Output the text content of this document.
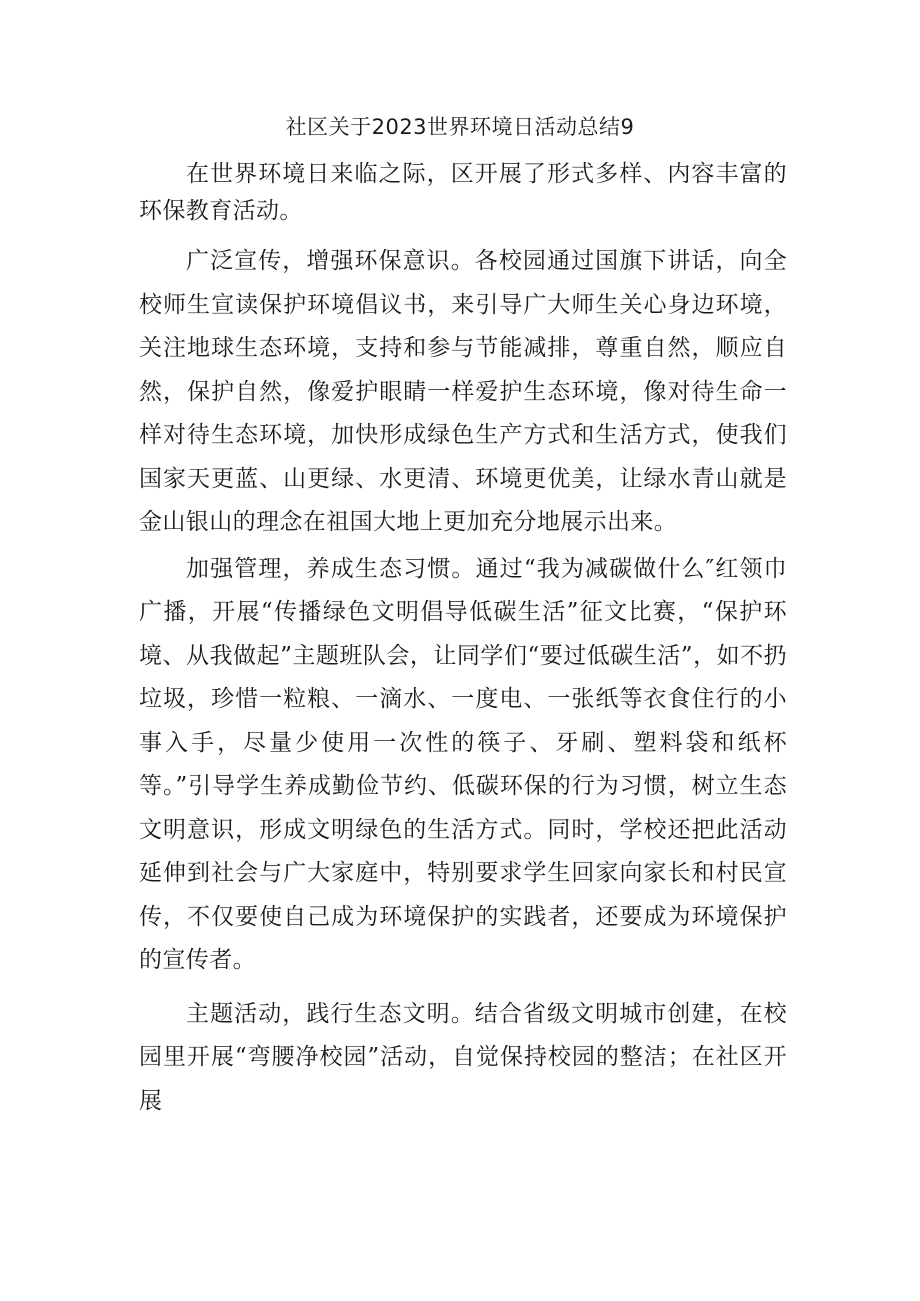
社区关于2023世界环境日活动总结9

在世界环境日来临之际，区开展了形式多样、内容丰富的环保教育活动。

广泛宣传，增强环保意识。各校园通过国旗下讲话，向全校师生宣读保护环境倡议书，来引导广大师生关心身边环境，关注地球生态环境，支持和参与节能减排，尊重自然，顺应自然，保护自然，像爱护眼睛一样爱护生态环境，像对待生命一样对待生态环境，加快形成绿色生产方式和生活方式，使我们国家天更蓝、山更绿、水更清、环境更优美，让绿水青山就是金山银山的理念在祖国大地上更加充分地展示出来。

加强管理，养成生态习惯。通过“我为减碳做什么″红领巾广播，开展“传播绿色文明倡导低碳生活”征文比赛，“保护环境、从我做起”主题班队会，让同学们“要过低碳生活”，如不扔垃圾，珍惜一粒粮、一滴水、一度电、一张纸等衣食住行的小事入手，尽量少使用一次性的筷子、牙刷、塑料袋和纸杯等。”引导学生养成勤俭节约、低碳环保的行为习惯，树立生态文明意识，形成文明绿色的生活方式。同时，学校还把此活动延伸到社会与广大家庭中，特别要求学生回家向家长和村民宣传，不仅要使自己成为环境保护的实践者，还要成为环境保护的宣传者。

主题活动，践行生态文明。结合省级文明城市创建，在校园里开展“弯腰净校园”活动，自觉保持校园的整洁；在社区开展
